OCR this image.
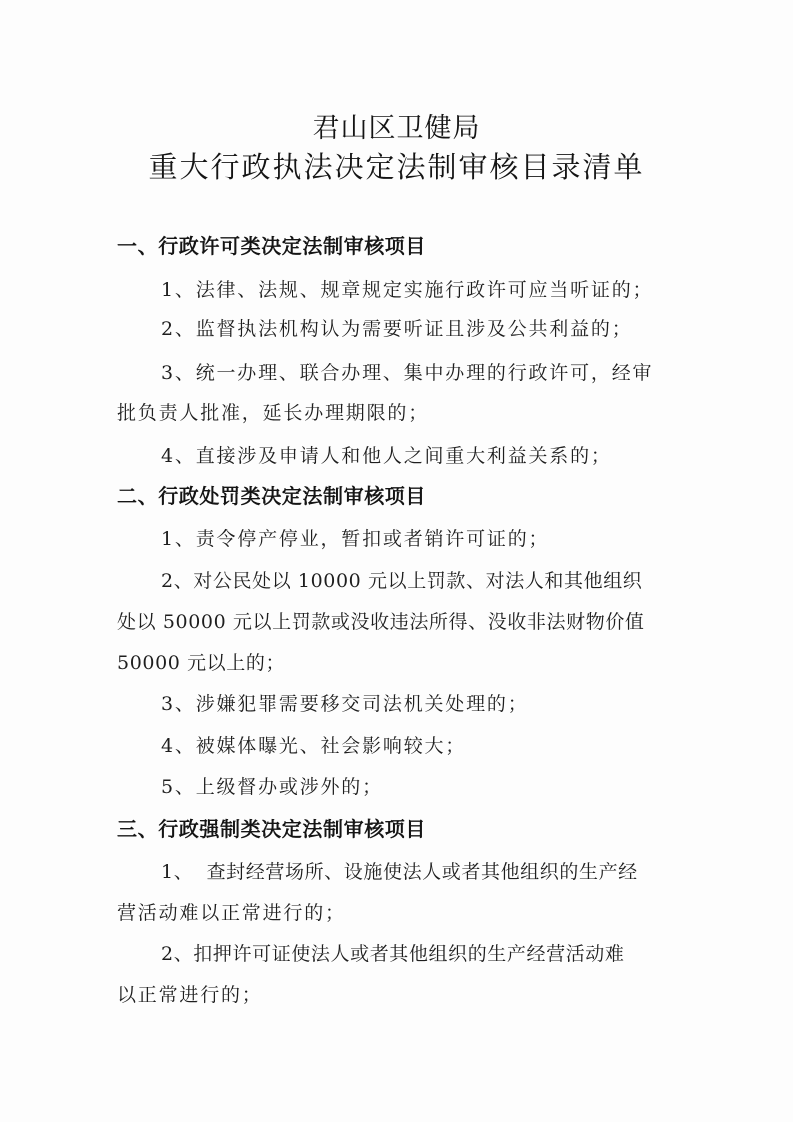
君山区卫健局
重大行政执法决定法制审核目录清单
一、行政许可类决定法制审核项目
1、法律、法规、规章规定实施行政许可应当听证的；
2、监督执法机构认为需要听证且涉及公共利益的；
3、统一办理、联合办理、集中办理的行政许可，经审
批负责人批准，延长办理期限的；
4、直接涉及申请人和他人之间重大利益关系的；
二、行政处罚类决定法制审核项目
1、责令停产停业，暂扣或者销许可证的；
2、对公民处以 10000 元以上罚款、对法人和其他组织
处以 50000 元以上罚款或没收违法所得、没收非法财物价值
50000 元以上的；
3、涉嫌犯罪需要移交司法机关处理的；
4、被媒体曝光、社会影响较大；
5、上级督办或涉外的；
三、行政强制类决定法制审核项目
1、  查封经营场所、设施使法人或者其他组织的生产经
营活动难以正常进行的；
2、扣押许可证使法人或者其他组织的生产经营活动难
以正常进行的；
